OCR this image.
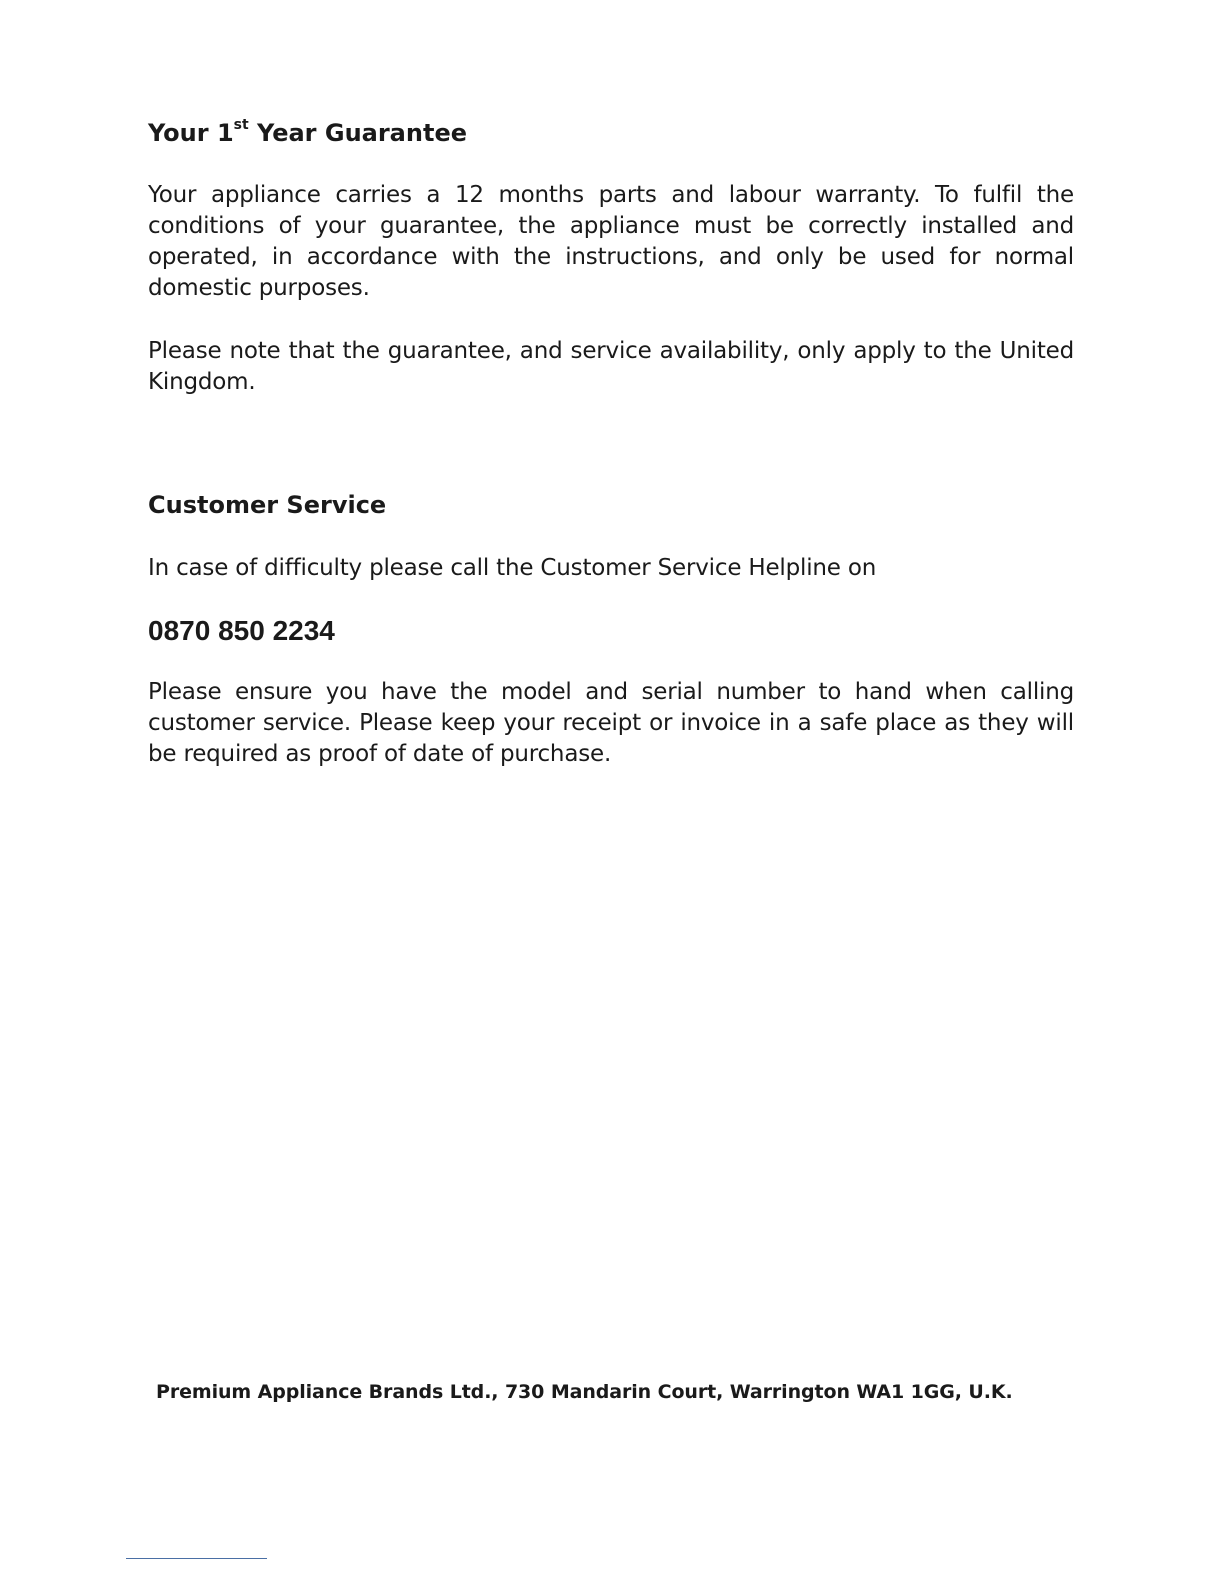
Your 1st Year Guarantee

Your appliance carries a 12 months parts and labour warranty. To fulfil the conditions of your guarantee, the appliance must be correctly installed and operated, in accordance with the instructions, and only be used for normal domestic purposes.

Please note that the guarantee, and service availability, only apply to the United Kingdom.

Customer Service

In case of difficulty please call the Customer Service Helpline on

0870 850 2234

Please ensure you have the model and serial number to hand when calling customer service. Please keep your receipt or invoice in a safe place as they will be required as proof of date of purchase.

Premium Appliance Brands Ltd., 730 Mandarin Court, Warrington WA1 1GG, U.K.
